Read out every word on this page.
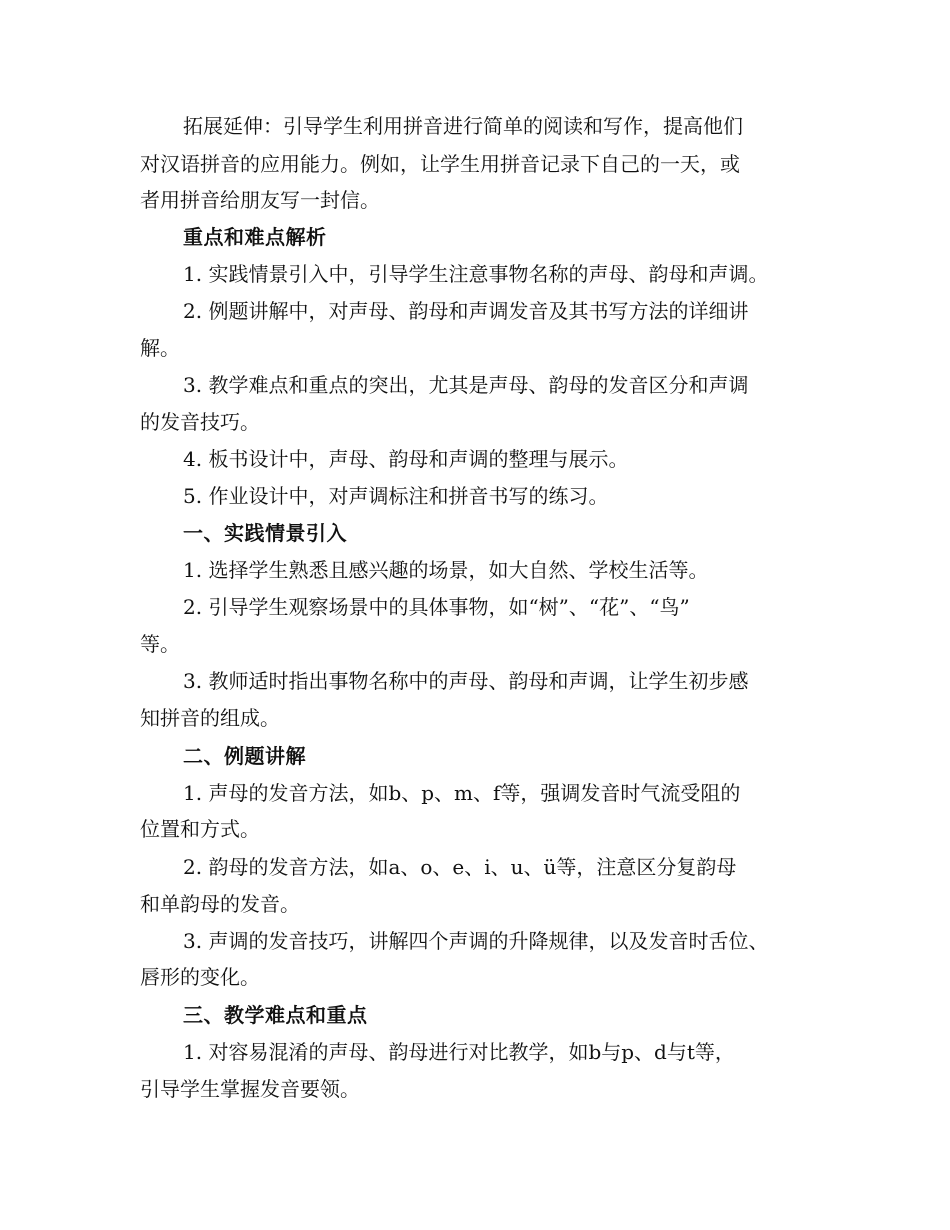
拓展延伸：引导学生利用拼音进行简单的阅读和写作，提高他们

对汉语拼音的应用能力。例如，让学生用拼音记录下自己的一天，或

者用拼音给朋友写一封信。

重点和难点解析

1. 实践情景引入中，引导学生注意事物名称的声母、韵母和声调。

2. 例题讲解中，对声母、韵母和声调发音及其书写方法的详细讲

解。

3. 教学难点和重点的突出，尤其是声母、韵母的发音区分和声调

的发音技巧。

4. 板书设计中，声母、韵母和声调的整理与展示。

5. 作业设计中，对声调标注和拼音书写的练习。

一、实践情景引入

1. 选择学生熟悉且感兴趣的场景，如大自然、学校生活等。

2. 引导学生观察场景中的具体事物，如“树”、“花”、“鸟”

等。

3. 教师适时指出事物名称中的声母、韵母和声调，让学生初步感

知拼音的组成。

二、例题讲解

1. 声母的发音方法，如b、p、m、f等，强调发音时气流受阻的

位置和方式。

2. 韵母的发音方法，如a、o、e、i、u、ü等，注意区分复韵母

和单韵母的发音。

3. 声调的发音技巧，讲解四个声调的升降规律，以及发音时舌位、

唇形的变化。

三、教学难点和重点

1. 对容易混淆的声母、韵母进行对比教学，如b与p、d与t等，

引导学生掌握发音要领。
